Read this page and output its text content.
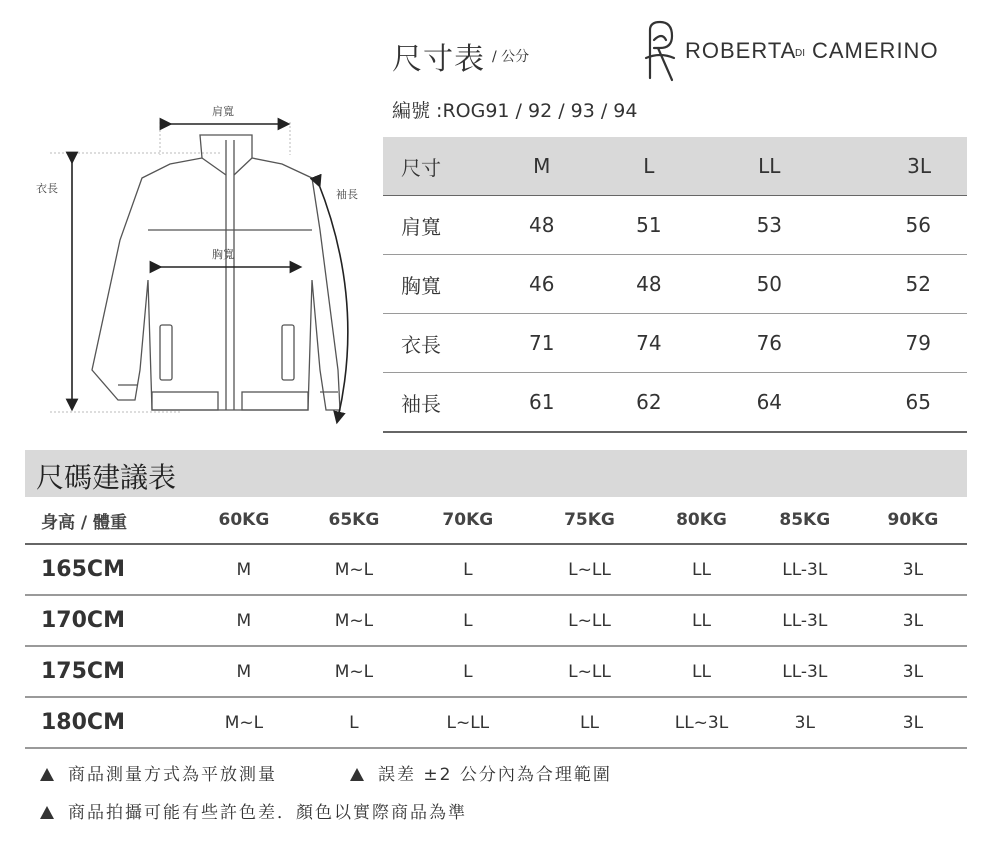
肩寬
胸寬
衣長	袖長
尺寸表 / 公分
編號 :ROG91 / 92 / 93 / 94
ROBERTA
DI CAMERINO
尺寸	M	L	LL	3L
肩寬	48	51	53	56
胸寬	46	48	50	52
衣長	71	74	76	79
袖長	61	62	64	65
尺碼建議表
身高 / 體重	60KG	65KG	70KG	75KG	80KG	85KG	90KG
165CM	M	M~L	L	L~LL	LL	LL-3L	3L
170CM	M	M~L	L	L~LL	LL	LL-3L	3L
175CM	M	M~L	L	L~LL	LL	LL-3L	3L
180CM	M~L	L	L~LL	LL	LL~3L	3L	3L
商品測量方式為平放測量	誤差 ±2 公分內為合理範圍
商品拍攝可能有些許色差．顏色以實際商品為準
